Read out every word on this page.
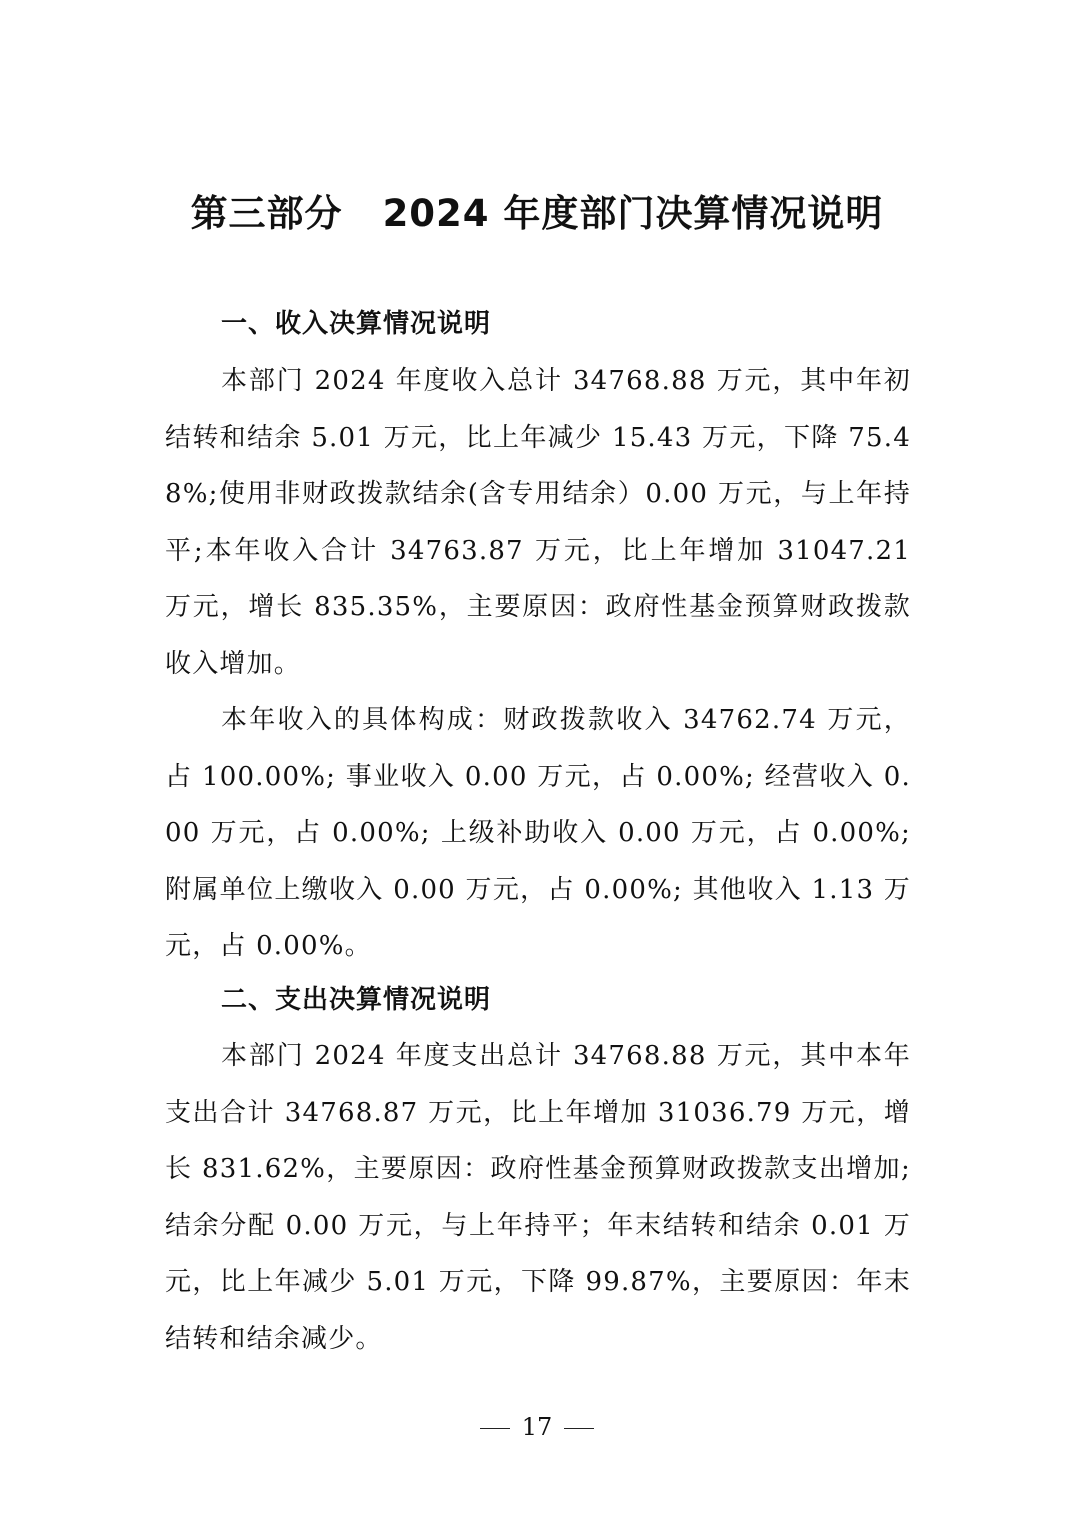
第三部分 2024 年度部门决算情况说明
一、收入决算情况说明

本部门 2024 年度收入总计 34768.88 万元，其中年初结转和结余 5.01 万元，比上年减少 15.43 万元，下降 75.48%;使用非财政拨款结余(含专用结余）0.00 万元，与上年持平;本年收入合计 34763.87 万元，比上年增加 31047.21 万元，增长 835.35%，主要原因：政府性基金预算财政拨款收入增加。

本年收入的具体构成：财政拨款收入 34762.74 万元，占 100.00%; 事业收入 0.00 万元，占 0.00%; 经营收入 0.00 万元，占 0.00%; 上级补助收入 0.00 万元，占 0.00%; 附属单位上缴收入 0.00 万元，占 0.00%; 其他收入 1.13 万元，占 0.00%。

二、支出决算情况说明

本部门 2024 年度支出总计 34768.88 万元，其中本年支出合计 34768.87 万元，比上年增加 31036.79 万元，增长 831.62%，主要原因：政府性基金预算财政拨款支出增加;结余分配 0.00 万元，与上年持平；年末结转和结余 0.01 万元，比上年减少 5.01 万元，下降 99.87%，主要原因：年末结转和结余减少。

17
